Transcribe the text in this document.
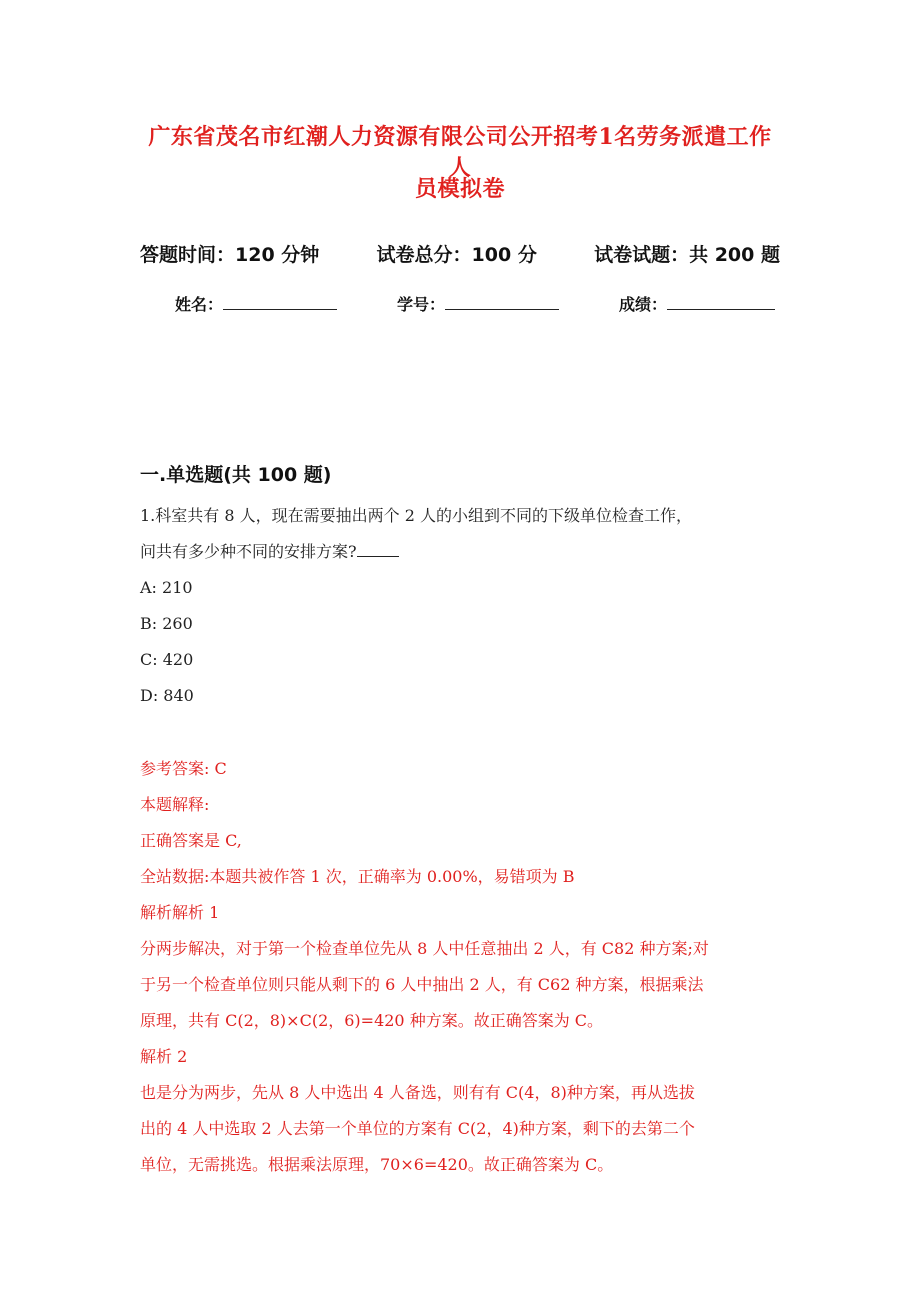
广东省茂名市红潮人力资源有限公司公开招考1名劳务派遣工作人
员模拟卷
答题时间：120 分钟	试卷总分：100 分	试卷试题：共 200 题
姓名：	学号：	成绩：
一.单选题(共 100 题)
1.科室共有 8 人，现在需要抽出两个 2 人的小组到不同的下级单位检查工作，
问共有多少种不同的安排方案?
A: 210
B: 260
C: 420
D: 840
参考答案: C
本题解释:
正确答案是 C,
全站数据:本题共被作答 1 次，正确率为 0.00%，易错项为 B
解析解析 1
分两步解决，对于第一个检查单位先从 8 人中任意抽出 2 人，有 C82 种方案;对
于另一个检查单位则只能从剩下的 6 人中抽出 2 人，有 C62 种方案，根据乘法
原理，共有 C(2，8)×C(2，6)=420 种方案。故正确答案为 C。
解析 2
也是分为两步，先从 8 人中选出 4 人备选，则有有 C(4，8)种方案，再从选拔
出的 4 人中选取 2 人去第一个单位的方案有 C(2，4)种方案，剩下的去第二个
单位，无需挑选。根据乘法原理，70×6=420。故正确答案为 C。
